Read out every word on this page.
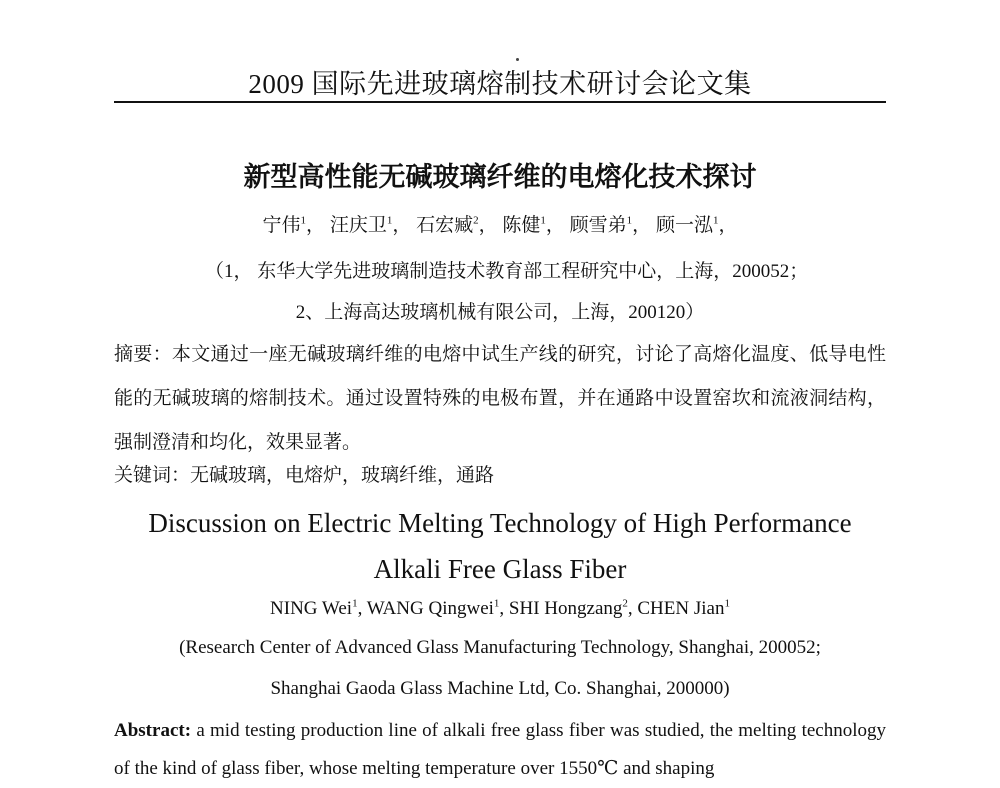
2009 国际先进玻璃熔制技术研讨会论文集
新型高性能无碱玻璃纤维的电熔化技术探讨
宁伟$^1$， 汪庆卫$^1$， 石宏臧$^2$， 陈健$^1$， 顾雪弟$^1$， 顾一泓$^1$，
（1， 东华大学先进玻璃制造技术教育部工程研究中心，上海，200052；
2、上海高达玻璃机械有限公司，上海，200120）
摘要：本文通过一座无碱玻璃纤维的电熔中试生产线的研究，讨论了高熔化温度、低导电性能的无碱玻璃的熔制技术。通过设置特殊的电极布置，并在通路中设置窑坎和流液洞结构，强制澄清和均化，效果显著。
关键词：无碱玻璃，电熔炉，玻璃纤维，通路
Discussion on Electric Melting Technology of High Performance
Alkali Free Glass Fiber
NING Wei$^1$, WANG Qingwei$^1$, SHI Hongzang$^2$, CHEN Jian$^1$
(Research Center of Advanced Glass Manufacturing Technology, Shanghai, 200052;
Shanghai Gaoda Glass Machine Ltd, Co. Shanghai, 200000)
Abstract: a mid testing production line of alkali free glass fiber was studied, the melting technology of the kind of glass fiber, whose melting temperature over 1550℃ and shaping
